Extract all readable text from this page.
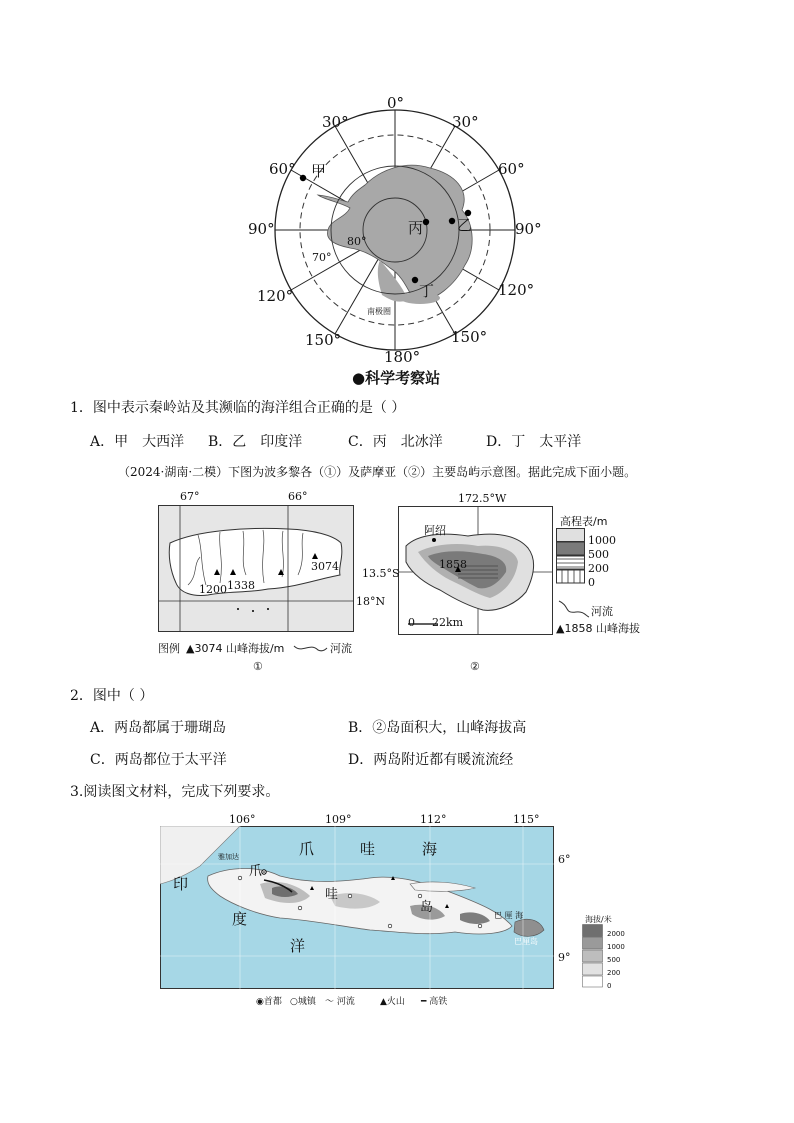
0°
30°	30°
60°	60°
90°	90°
120°	120°
150°	150°
180°
80°
70°
南极圈
甲
乙
丙
丁
●科学考察站
1．图中表示秦岭站及其濒临的海洋组合正确的是（ ）
A．甲　大西洋 B．乙　印度洋	C．丙　北冰洋	D．丁　太平洋
（2024·湖南·二模）下图为波多黎各（①）及萨摩亚（②）主要岛屿示意图。据此完成下面小题。
67°	66°
3074
1200 1338
18°N
图例 ▲3074 山峰海拔/m	河流
①
172.5°W
阿绍
1858
13.5°S
0 22km
高程表/m
1000
500
200
0
河流
▲1858 山峰海拔
②
2．图中（ ）
A．两岛都属于珊瑚岛	B．②岛面积大，山峰海拔高
C．两岛都位于太平洋	D．两岛附近都有暖流流经
3.阅读图文材料，完成下列要求。
106°	109°	112°	115°
雅加达	爪	哇	海
印
度
洋
爪
哇
岛
巴 厘 海
巴厘岛
6°
9°
海拔/米
2000
1000
500
200
0
◉首都 ○城镇 〜 河流	▲火山 ━ 高铁
